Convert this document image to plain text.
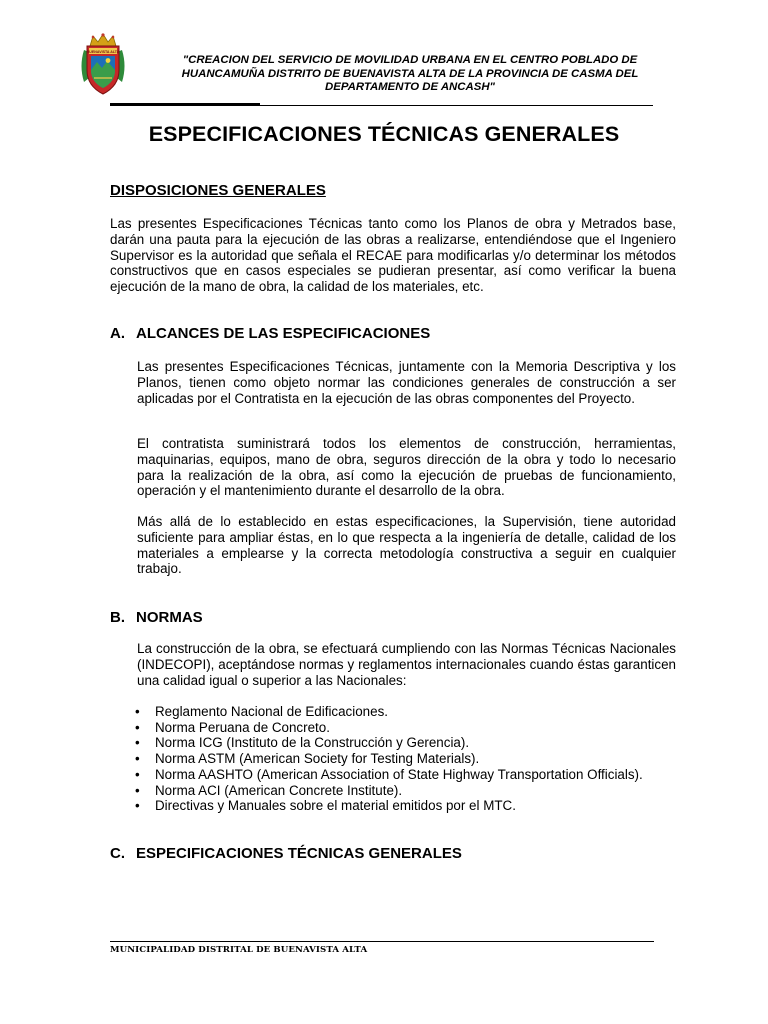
BUENAVISTA ALTA
"CREACION DEL SERVICIO DE MOVILIDAD URBANA EN EL CENTRO POBLADO DE HUANCAMUÑA DISTRITO DE BUENAVISTA ALTA DE LA PROVINCIA DE CASMA DEL DEPARTAMENTO DE ANCASH"
ESPECIFICACIONES TÉCNICAS GENERALES
DISPOSICIONES GENERALES

Las presentes Especificaciones Técnicas tanto como los Planos de obra y Metrados base, darán una pauta para la ejecución de las obras a realizarse, entendiéndose que el Ingeniero Supervisor es la autoridad que señala el RECAE para modificarlas y/o determinar los métodos constructivos que en casos especiales se pudieran presentar, así como verificar la buena ejecución de la mano de obra, la calidad de los materiales, etc.

A. ALCANCES DE LAS ESPECIFICACIONES

Las presentes Especificaciones Técnicas, juntamente con la Memoria Descriptiva y los Planos, tienen como objeto normar las condiciones generales de construcción a ser aplicadas por el Contratista en la ejecución de las obras componentes del Proyecto.

El contratista suministrará todos los elementos de construcción, herramientas, maquinarias, equipos, mano de obra, seguros dirección de la obra y todo lo necesario para la realización de la obra, así como la ejecución de pruebas de funcionamiento, operación y el mantenimiento durante el desarrollo de la obra.

Más allá de lo establecido en estas especificaciones, la Supervisión, tiene autoridad suficiente para ampliar éstas, en lo que respecta a la ingeniería de detalle, calidad de los materiales a emplearse y la correcta metodología constructiva a seguir en cualquier trabajo.

B. NORMAS

La construcción de la obra, se efectuará cumpliendo con las Normas Técnicas Nacionales (INDECOPI), aceptándose normas y reglamentos internacionales cuando éstas garanticen una calidad igual o superior a las Nacionales:

• Reglamento Nacional de Edificaciones.
• Norma Peruana de Concreto.
• Norma ICG (Instituto de la Construcción y Gerencia).
• Norma ASTM (American Society for Testing Materials).
• Norma AASHTO (American Association of State Highway Transportation Officials).
• Norma ACI (American Concrete Institute).
• Directivas y Manuales sobre el material emitidos por el MTC.
C. ESPECIFICACIONES TÉCNICAS GENERALES
MUNICIPALIDAD DISTRITAL DE BUENAVISTA ALTA
